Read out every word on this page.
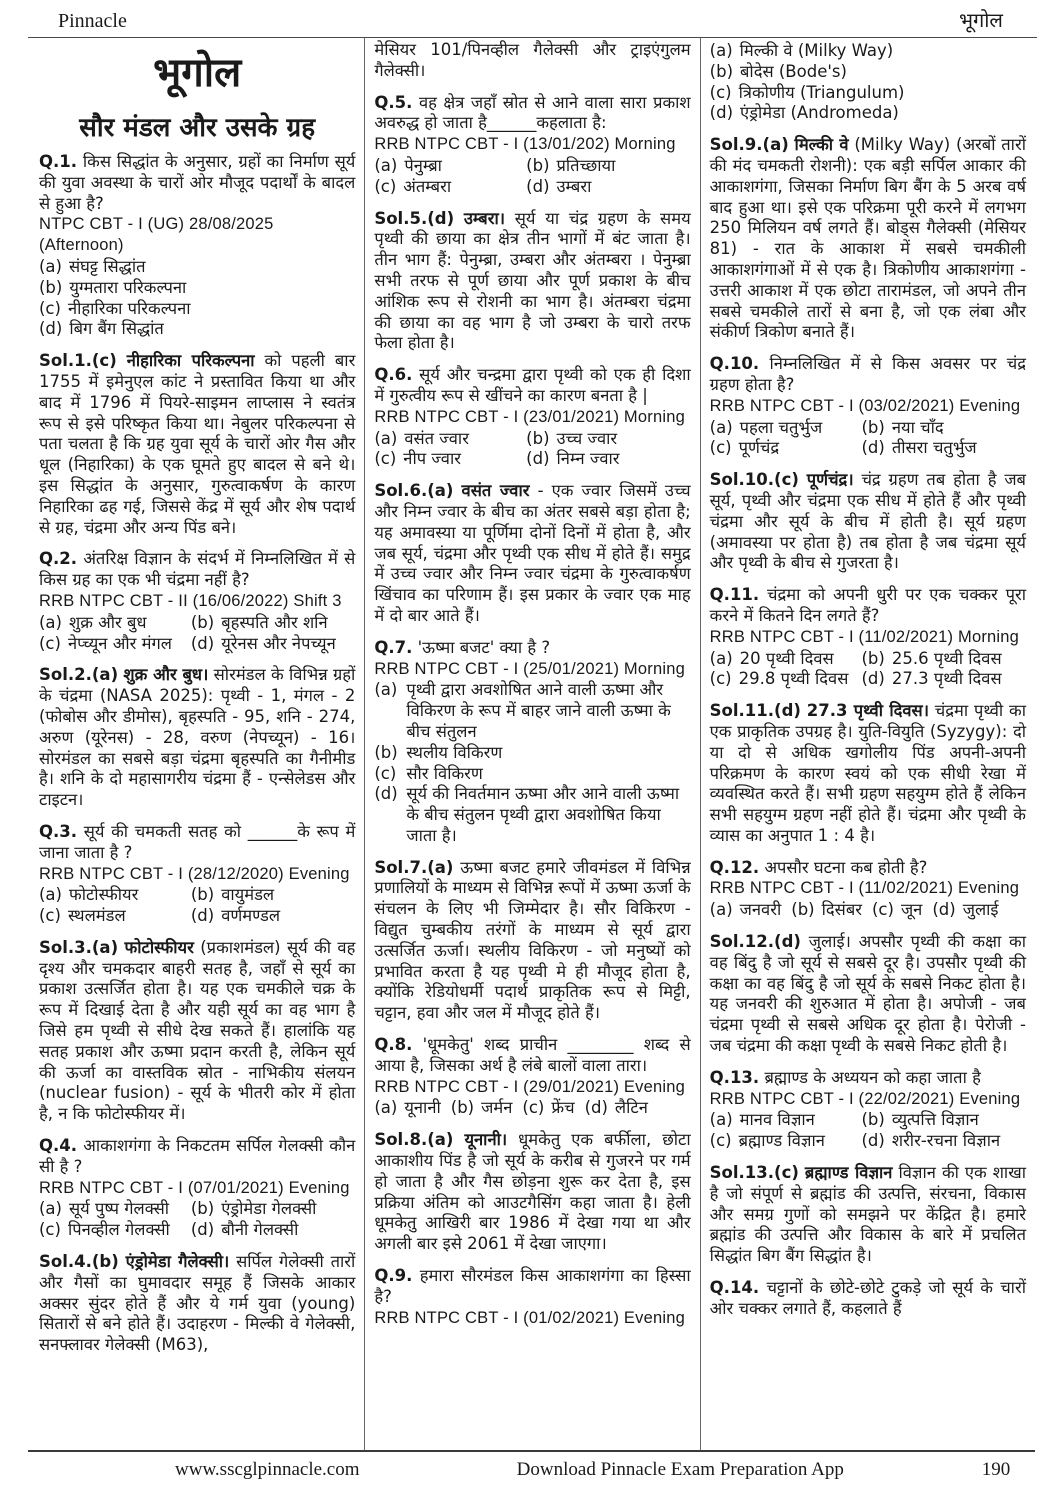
Pinnacle	भूगोल
भूगोल
सौर मंडल और उसके ग्रह

Q.1. किस सिद्धांत के अनुसार, ग्रहों का निर्माण सूर्य की युवा अवस्था के चारों ओर मौजूद पदार्थों के बादल से हुआ है?

NTPC CBT - I (UG) 28/08/2025 (Afternoon)

(a) संघट्ट सिद्धांत
(b) युग्मतारा परिकल्पना
(c) नीहारिका परिकल्पना
(d) बिग बैंग सिद्धांत

Sol.1.(c) नीहारिका परिकल्पना को पहली बार 1755 में इमेनुएल कांट ने प्रस्तावित किया था और बाद में 1796 में पियरे-साइमन लाप्लास ने स्वतंत्र रूप से इसे परिष्कृत किया था। नेबुलर परिकल्पना से पता चलता है कि ग्रह युवा सूर्य के चारों ओर गैस और धूल (निहारिका) के एक घूमते हुए बादल से बने थे। इस सिद्धांत के अनुसार, गुरुत्वाकर्षण के कारण निहारिका ढह गई, जिससे केंद्र में सूर्य और शेष पदार्थ से ग्रह, चंद्रमा और अन्य पिंड बने।

Q.2. अंतरिक्ष विज्ञान के संदर्भ में निम्नलिखित में से किस ग्रह का एक भी चंद्रमा नहीं है?

RRB NTPC CBT - II (16/06/2022) Shift 3

(a) शुक्र और बुध	(b) बृहस्पति और शनि
(c) नेप्च्यून और मंगल	(d) यूरेनस और नेपच्यून

Sol.2.(a) शुक्र और बुध। सोरमंडल के विभिन्न ग्रहों के चंद्रमा (NASA 2025): पृथ्वी - 1, मंगल - 2 (फोबोस और डीमोस), बृहस्पति - 95, शनि - 274, अरुण (यूरेनस) - 28, वरुण (नेपच्यून) - 16। सोरमंडल का सबसे बड़ा चंद्रमा बृहस्पति का गैनीमीड है। शनि के दो महासागरीय चंद्रमा हैं - एन्सेलेडस और टाइटन।

Q.3. सूर्य की चमकती सतह को ______के रूप में जाना जाता है ?

RRB NTPC CBT - I (28/12/2020) Evening

(a) फोटोस्फीयर	(b) वायुमंडल
(c) स्थलमंडल	(d) वर्णमण्डल

Sol.3.(a) फोटोस्फीयर (प्रकाशमंडल) सूर्य की वह दृश्य और चमकदार बाहरी सतह है, जहाँ से सूर्य का प्रकाश उत्सर्जित होता है। यह एक चमकीले चक्र के रूप में दिखाई देता है और यही सूर्य का वह भाग है जिसे हम पृथ्वी से सीधे देख सकते हैं। हालांकि यह सतह प्रकाश और ऊष्मा प्रदान करती है, लेकिन सूर्य की ऊर्जा का वास्तविक स्रोत - नाभिकीय संलयन (nuclear fusion) - सूर्य के भीतरी कोर में होता है, न कि फोटोस्फीयर में।

Q.4. आकाशगंगा के निकटतम सर्पिल गेलक्सी कौन सी है ?

RRB NTPC CBT - I (07/01/2021) Evening

(a) सूर्य पुष्प गेलक्सी	(b) एंड्रोमेडा गेलक्सी
(c) पिनव्हील गेलक्सी	(d) बौनी गेलक्सी

Sol.4.(b) एंड्रोमेडा गैलेक्सी। सर्पिल गेलेक्सी तारों और गैसों का घुमावदार समूह हैं जिसके आकार अक्सर सुंदर होते हैं और ये गर्म युवा (young) सितारों से बने होते हैं। उदाहरण - मिल्की वे गेलेक्सी, सनफ्लावर गेलेक्सी (M63),

मेसियर 101/पिनव्हील गैलेक्सी और ट्राइएंगुलम गैलेक्सी।

Q.5. वह क्षेत्र जहाँ स्रोत से आने वाला सारा प्रकाश अवरुद्ध हो जाता है______कहलाता है:

RRB NTPC CBT - I (13/01/202) Morning

(a) पेनुम्ब्रा	(b) प्रतिच्छाया
(c) अंतम्बरा	(d) उम्बरा

Sol.5.(d) उम्बरा। सूर्य या चंद्र ग्रहण के समय पृथ्वी की छाया का क्षेत्र तीन भागों में बंट जाता है। तीन भाग हैं: पेनुम्ब्रा, उम्बरा और अंतम्बरा । पेनुम्ब्रा सभी तरफ से पूर्ण छाया और पूर्ण प्रकाश के बीच आंशिक रूप से रोशनी का भाग है। अंतम्बरा चंद्रमा की छाया का वह भाग है जो उम्बरा के चारो तरफ फेला होता है।

Q.6. सूर्य और चन्द्रमा द्वारा पृथ्वी को एक ही दिशा में गुरुत्वीय रूप से खींचने का कारण बनता है |

RRB NTPC CBT - I (23/01/2021) Morning

(a) वसंत ज्वार	(b) उच्च ज्वार
(c) नीप ज्वार	(d) निम्न ज्वार

Sol.6.(a) वसंत ज्वार - एक ज्वार जिसमें उच्च और निम्न ज्वार के बीच का अंतर सबसे बड़ा होता है; यह अमावस्या या पूर्णिमा दोनों दिनों में होता है, और जब सूर्य, चंद्रमा और पृथ्वी एक सीध में होते हैं। समुद्र में उच्च ज्वार और निम्न ज्वार चंद्रमा के गुरुत्वाकर्षण खिंचाव का परिणाम हैं। इस प्रकार के ज्वार एक माह में दो बार आते हैं।

Q.7. 'ऊष्मा बजट' क्या है ?

RRB NTPC CBT - I (25/01/2021) Morning

(a) पृथ्वी द्वारा अवशोषित आने वाली ऊष्मा और विकिरण के रूप में बाहर जाने वाली ऊष्मा के बीच संतुलन
(b) स्थलीय विकिरण
(c) सौर विकिरण
(d) सूर्य की निवर्तमान ऊष्मा और आने वाली ऊष्मा के बीच संतुलन पृथ्वी द्वारा अवशोषित किया जाता है।

Sol.7.(a) ऊष्मा बजट हमारे जीवमंडल में विभिन्न प्रणालियों के माध्यम से विभिन्न रूपों में ऊष्मा ऊर्जा के संचलन के लिए भी जिम्मेदार है। सौर विकिरण - विद्युत चुम्बकीय तरंगों के माध्यम से सूर्य द्वारा उत्सर्जित ऊर्जा। स्थलीय विकिरण - जो मनुष्यों को प्रभावित करता है यह पृथ्वी मे ही मौजूद होता है, क्योंकि रेडियोधर्मी पदार्थ प्राकृतिक रूप से मिट्टी, चट्टान, हवा और जल में मौजूद होते हैं।

Q.8. 'धूमकेतु' शब्द प्राचीन ________ शब्द से आया है, जिसका अर्थ है लंबे बालों वाला तारा।

RRB NTPC CBT - I (29/01/2021) Evening

(a) यूनानी (b) जर्मन (c) फ्रेंच (d) लैटिन

Sol.8.(a) यूनानी। धूमकेतु एक बर्फीला, छोटा आकाशीय पिंड है जो सूर्य के करीब से गुजरने पर गर्म हो जाता है और गैस छोड़ना शुरू कर देता है, इस प्रक्रिया अंतिम को आउटगैसिंग कहा जाता है। हेली धूमकेतु आखिरी बार 1986 में देखा गया था और अगली बार इसे 2061 में देखा जाएगा।

Q.9. हमारा सौरमंडल किस आकाशगंगा का हिस्सा है?

RRB NTPC CBT - I (01/02/2021) Evening

(a) मिल्की वे (Milky Way)
(b) बोदेस (Bode's)
(c) त्रिकोणीय (Triangulum)
(d) एंड्रोमेडा (Andromeda)

Sol.9.(a) मिल्की वे (Milky Way) (अरबों तारों की मंद चमकती रोशनी): एक बड़ी सर्पिल आकार की आकाशगंगा, जिसका निर्माण बिग बैंग के 5 अरब वर्ष बाद हुआ था। इसे एक परिक्रमा पूरी करने में लगभग 250 मिलियन वर्ष लगते हैं। बोड्स गैलेक्सी (मेसियर 81) - रात के आकाश में सबसे चमकीली आकाशगंगाओं में से एक है। त्रिकोणीय आकाशगंगा - उत्तरी आकाश में एक छोटा तारामंडल, जो अपने तीन सबसे चमकीले तारों से बना है, जो एक लंबा और संकीर्ण त्रिकोण बनाते हैं।

Q.10. निम्नलिखित में से किस अवसर पर चंद्र ग्रहण होता है?

RRB NTPC CBT - I (03/02/2021) Evening

(a) पहला चतुर्भुज	(b) नया चाँद
(c) पूर्णचंद्र	(d) तीसरा चतुर्भुज

Sol.10.(c) पूर्णचंद्र। चंद्र ग्रहण तब होता है जब सूर्य, पृथ्वी और चंद्रमा एक सीध में होते हैं और पृथ्वी चंद्रमा और सूर्य के बीच में होती है। सूर्य ग्रहण (अमावस्या पर होता है) तब होता है जब चंद्रमा सूर्य और पृथ्वी के बीच से गुजरता है।

Q.11. चंद्रमा को अपनी धुरी पर एक चक्कर पूरा करने में कितने दिन लगते हैं?

RRB NTPC CBT - I (11/02/2021) Morning

(a) 20 पृथ्वी दिवस	(b) 25.6 पृथ्वी दिवस
(c) 29.8 पृथ्वी दिवस (d) 27.3 पृथ्वी दिवस

Sol.11.(d) 27.3 पृथ्वी दिवस। चंद्रमा पृथ्वी का एक प्राकृतिक उपग्रह है। युति-वियुति (Syzygy): दो या दो से अधिक खगोलीय पिंड अपनी-अपनी परिक्रमण के कारण स्वयं को एक सीधी रेखा में व्यवस्थित करते हैं। सभी ग्रहण सहयुग्म होते हैं लेकिन सभी सहयुग्म ग्रहण नहीं होते हैं। चंद्रमा और पृथ्वी के व्यास का अनुपात 1 : 4 है।

Q.12. अपसौर घटना कब होती है?

RRB NTPC CBT - I (11/02/2021) Evening

(a) जनवरी (b) दिसंबर (c) जून (d) जुलाई

Sol.12.(d) जुलाई। अपसौर पृथ्वी की कक्षा का वह बिंदु है जो सूर्य से सबसे दूर है। उपसौर पृथ्वी की कक्षा का वह बिंदु है जो सूर्य के सबसे निकट होता है। यह जनवरी की शुरुआत में होता है। अपोजी - जब चंद्रमा पृथ्वी से सबसे अधिक दूर होता है। पेरोजी - जब चंद्रमा की कक्षा पृथ्वी के सबसे निकट होती है।

Q.13. ब्रह्माण्ड के अध्ययन को कहा जाता है

RRB NTPC CBT - I (22/02/2021) Evening

(a) मानव विज्ञान	(b) व्युत्पत्ति विज्ञान
(c) ब्रह्माण्ड विज्ञान	(d) शरीर-रचना विज्ञान

Sol.13.(c) ब्रह्माण्ड विज्ञान विज्ञान की एक शाखा है जो संपूर्ण से ब्रह्मांड की उत्पत्ति, संरचना, विकास और समग्र गुणों को समझने पर केंद्रित है। हमारे ब्रह्मांड की उत्पत्ति और विकास के बारे में प्रचलित सिद्धांत बिग बैंग सिद्धांत है।

Q.14. चट्टानों के छोटे-छोटे टुकड़े जो सूर्य के चारों ओर चक्कर लगाते हैं, कहलाते हैं

www.sscglpinnacle.com	Download Pinnacle Exam Preparation App	190
